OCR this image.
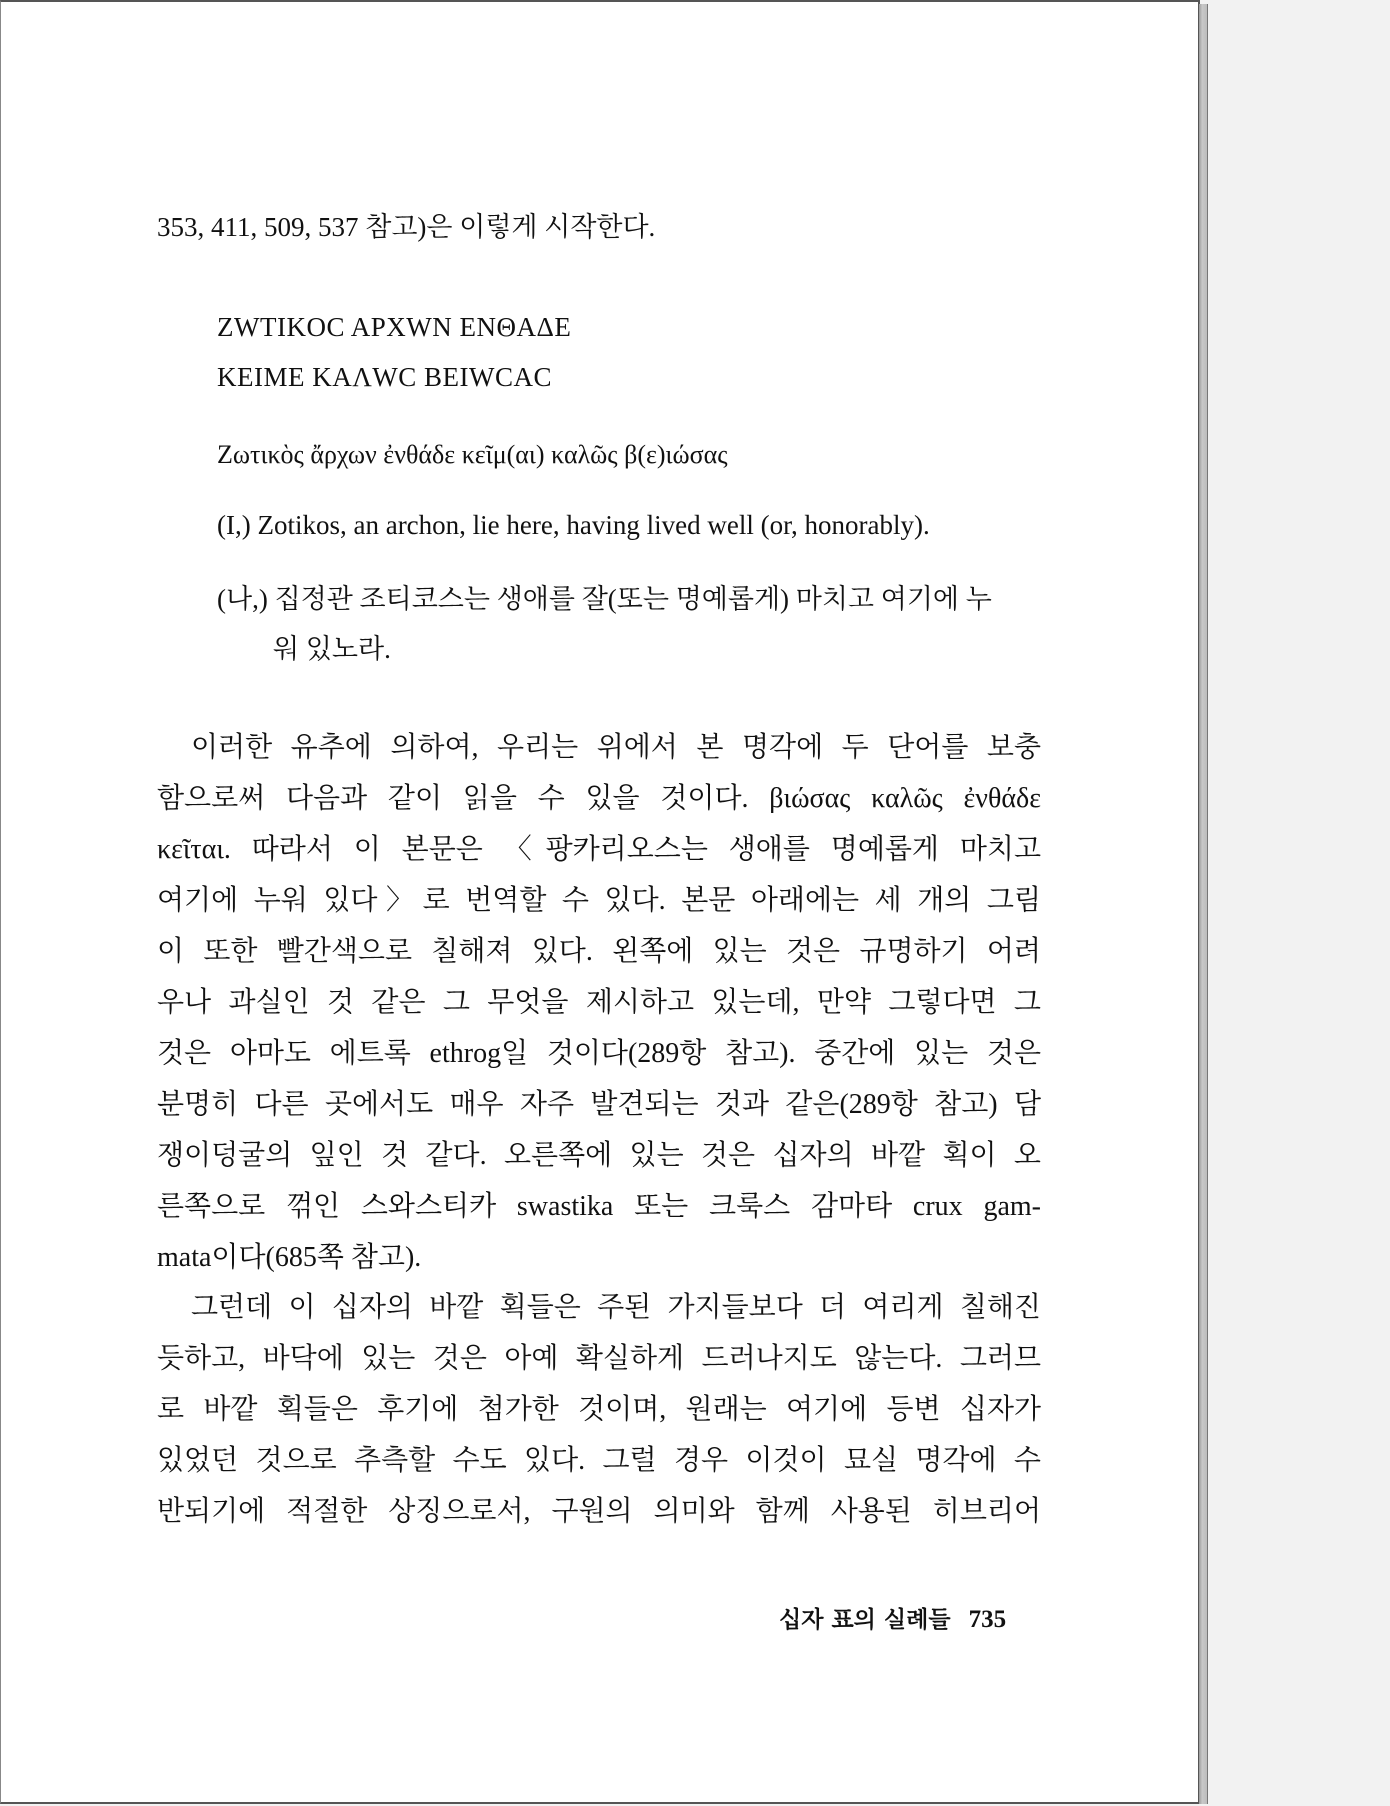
353, 411, 509, 537 참고)은 이렇게 시작한다.

ZWTIKOC APXWN ENΘAΔE

KEIME KAΛWC BEIWCAC

Ζωτικὸς ἄρχων ἐνθάδε κεῖμ(αι) καλῶς β(ε)ιώσας

(I,) Zotikos, an archon, lie here, having lived well (or, honorably).

(나,) 집정관 조티코스는 생애를 잘(또는 명예롭게) 마치고 여기에 누

워 있노라.

이러한 유추에 의하여, 우리는 위에서 본 명각에 두 단어를 보충
함으로써 다음과 같이 읽을 수 있을 것이다. βιώσας καλῶς ἐνθάδε
κεῖται. 따라서 이 본문은 〈팡카리오스는 생애를 명예롭게 마치고
여기에 누워 있다〉로 번역할 수 있다. 본문 아래에는 세 개의 그림
이 또한 빨간색으로 칠해져 있다. 왼쪽에 있는 것은 규명하기 어려
우나 과실인 것 같은 그 무엇을 제시하고 있는데, 만약 그렇다면 그
것은 아마도 에트록 ethrog일 것이다(289항 참고). 중간에 있는 것은
분명히 다른 곳에서도 매우 자주 발견되는 것과 같은(289항 참고) 담
쟁이덩굴의 잎인 것 같다. 오른쪽에 있는 것은 십자의 바깥 획이 오
른쪽으로 꺾인 스와스티카 swastika 또는 크룩스 감마타 crux gam-
mata이다(685쪽 참고).
그런데 이 십자의 바깥 획들은 주된 가지들보다 더 여리게 칠해진
듯하고, 바닥에 있는 것은 아예 확실하게 드러나지도 않는다. 그러므
로 바깥 획들은 후기에 첨가한 것이며, 원래는 여기에 등변 십자가
있었던 것으로 추측할 수도 있다. 그럴 경우 이것이 묘실 명각에 수
반되기에 적절한 상징으로서, 구원의 의미와 함께 사용된 히브리어
십자 표의 실례들 735
